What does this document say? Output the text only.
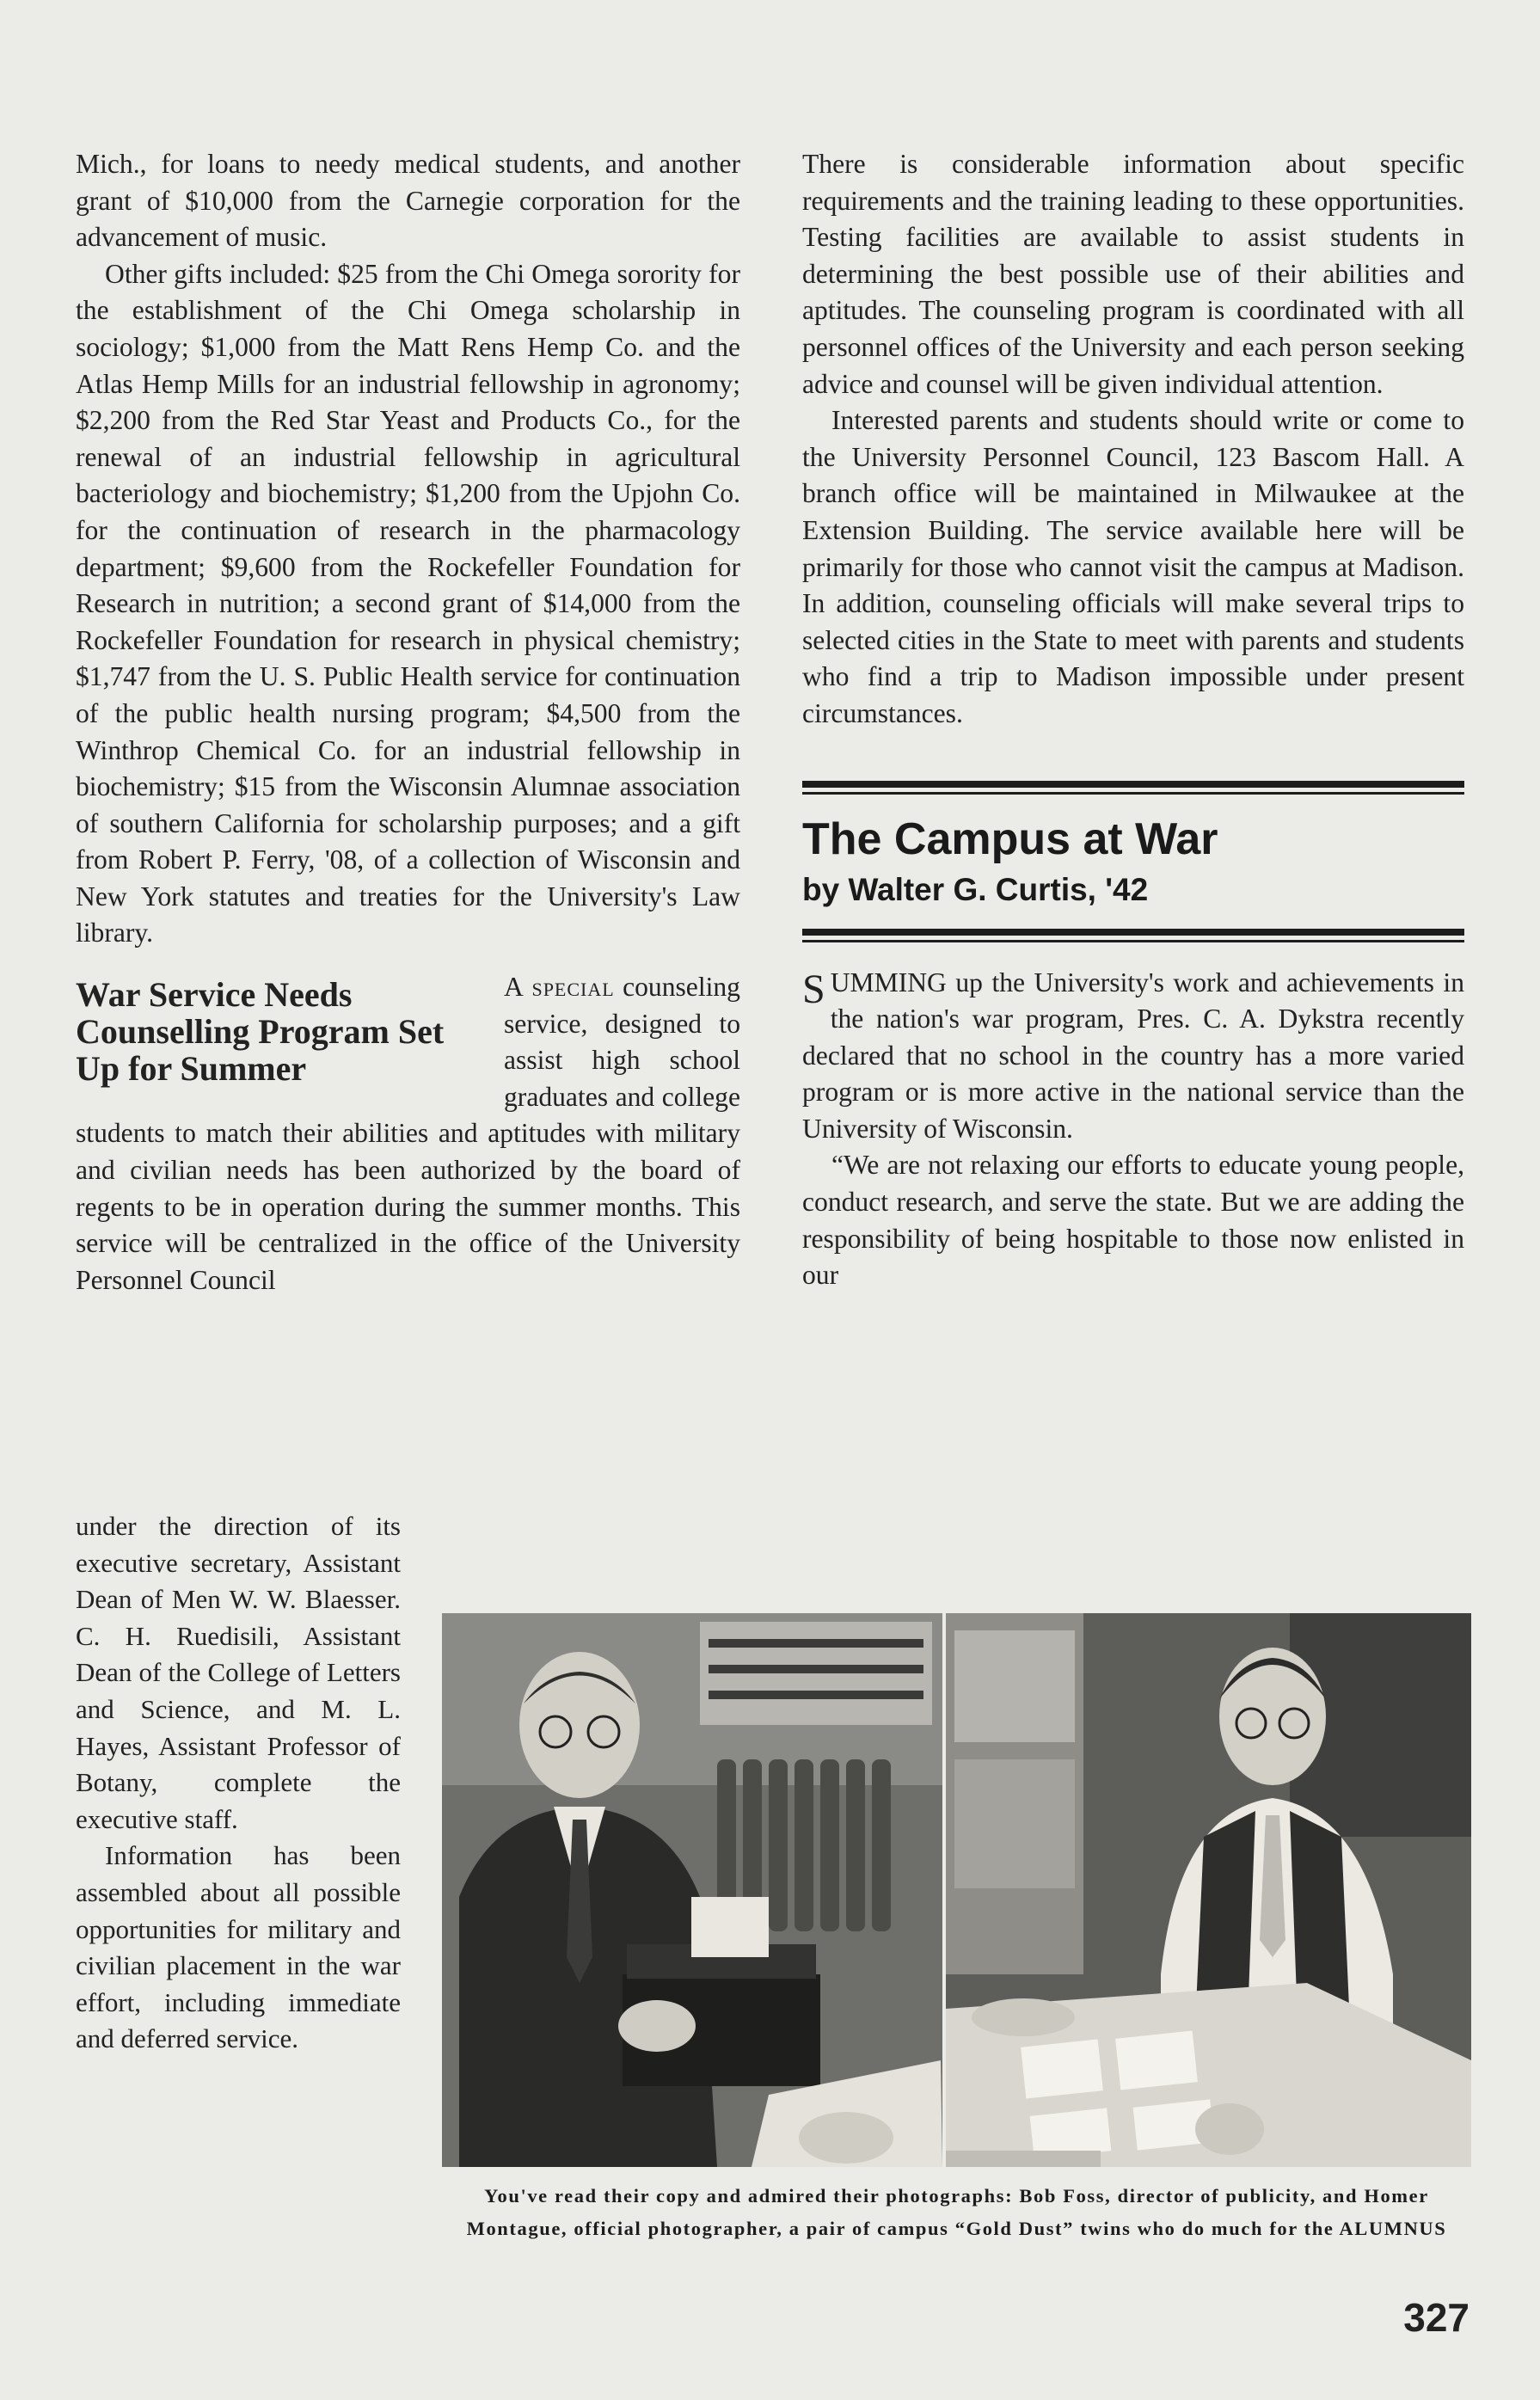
Mich., for loans to needy medical students, and another grant of $10,000 from the Carnegie corporation for the advancement of music.

Other gifts included: $25 from the Chi Omega sorority for the establishment of the Chi Omega scholarship in sociology; $1,000 from the Matt Rens Hemp Co. and the Atlas Hemp Mills for an industrial fellowship in agronomy; $2,200 from the Red Star Yeast and Products Co., for the renewal of an industrial fellowship in agricultural bacteriology and biochemistry; $1,200 from the Upjohn Co. for the continuation of research in the pharmacology department; $9,600 from the Rockefeller Foundation for Research in nutrition; a second grant of $14,000 from the Rockefeller Foundation for research in physical chemistry; $1,747 from the U. S. Public Health service for continuation of the public health nursing program; $4,500 from the Winthrop Chemical Co. for an industrial fellowship in biochemistry; $15 from the Wisconsin Alumnae association of southern California for scholarship purposes; and a gift from Robert P. Ferry, '08, of a collection of Wisconsin and New York statutes and treaties for the University's Law library.

War Service Needs Counselling Program Set Up for Summer

A special counseling service, designed to assist high school graduates and college students to match their abilities and aptitudes with military and civilian needs has been authorized by the board of regents to be in operation during the summer months. This service will be centralized in the office of the University Personnel Council

under the direction of its executive secretary, Assistant Dean of Men W. W. Blaesser. C. H. Ruedisili, Assistant Dean of the College of Letters and Science, and M. L. Hayes, Assistant Professor of Botany, complete the executive staff.

Information has been assembled about all possible opportunities for military and civilian placement in the war effort, including immediate and deferred service.

There is considerable information about specific requirements and the training leading to these opportunities. Testing facilities are available to assist students in determining the best possible use of their abilities and aptitudes. The counseling program is coordinated with all personnel offices of the University and each person seeking advice and counsel will be given individual attention.

Interested parents and students should write or come to the University Personnel Council, 123 Bascom Hall. A branch office will be maintained in Milwaukee at the Extension Building. The service available here will be primarily for those who cannot visit the campus at Madison. In addition, counseling officials will make several trips to selected cities in the State to meet with parents and students who find a trip to Madison impossible under present circumstances.

The Campus at War
by Walter G. Curtis, '42

SUMMING up the University's work and achievements in the nation's war program, Pres. C. A. Dykstra recently declared that no school in the country has a more varied program or is more active in the national service than the University of Wisconsin.

“We are not relaxing our efforts to educate young people, conduct research, and serve the state. But we are adding the responsibility of being hospitable to those now enlisted in our

You've read their copy and admired their photographs: Bob Foss, director of publicity, and Homer Montague, official photographer, a pair of campus “Gold Dust” twins who do much for the ALUMNUS
327
